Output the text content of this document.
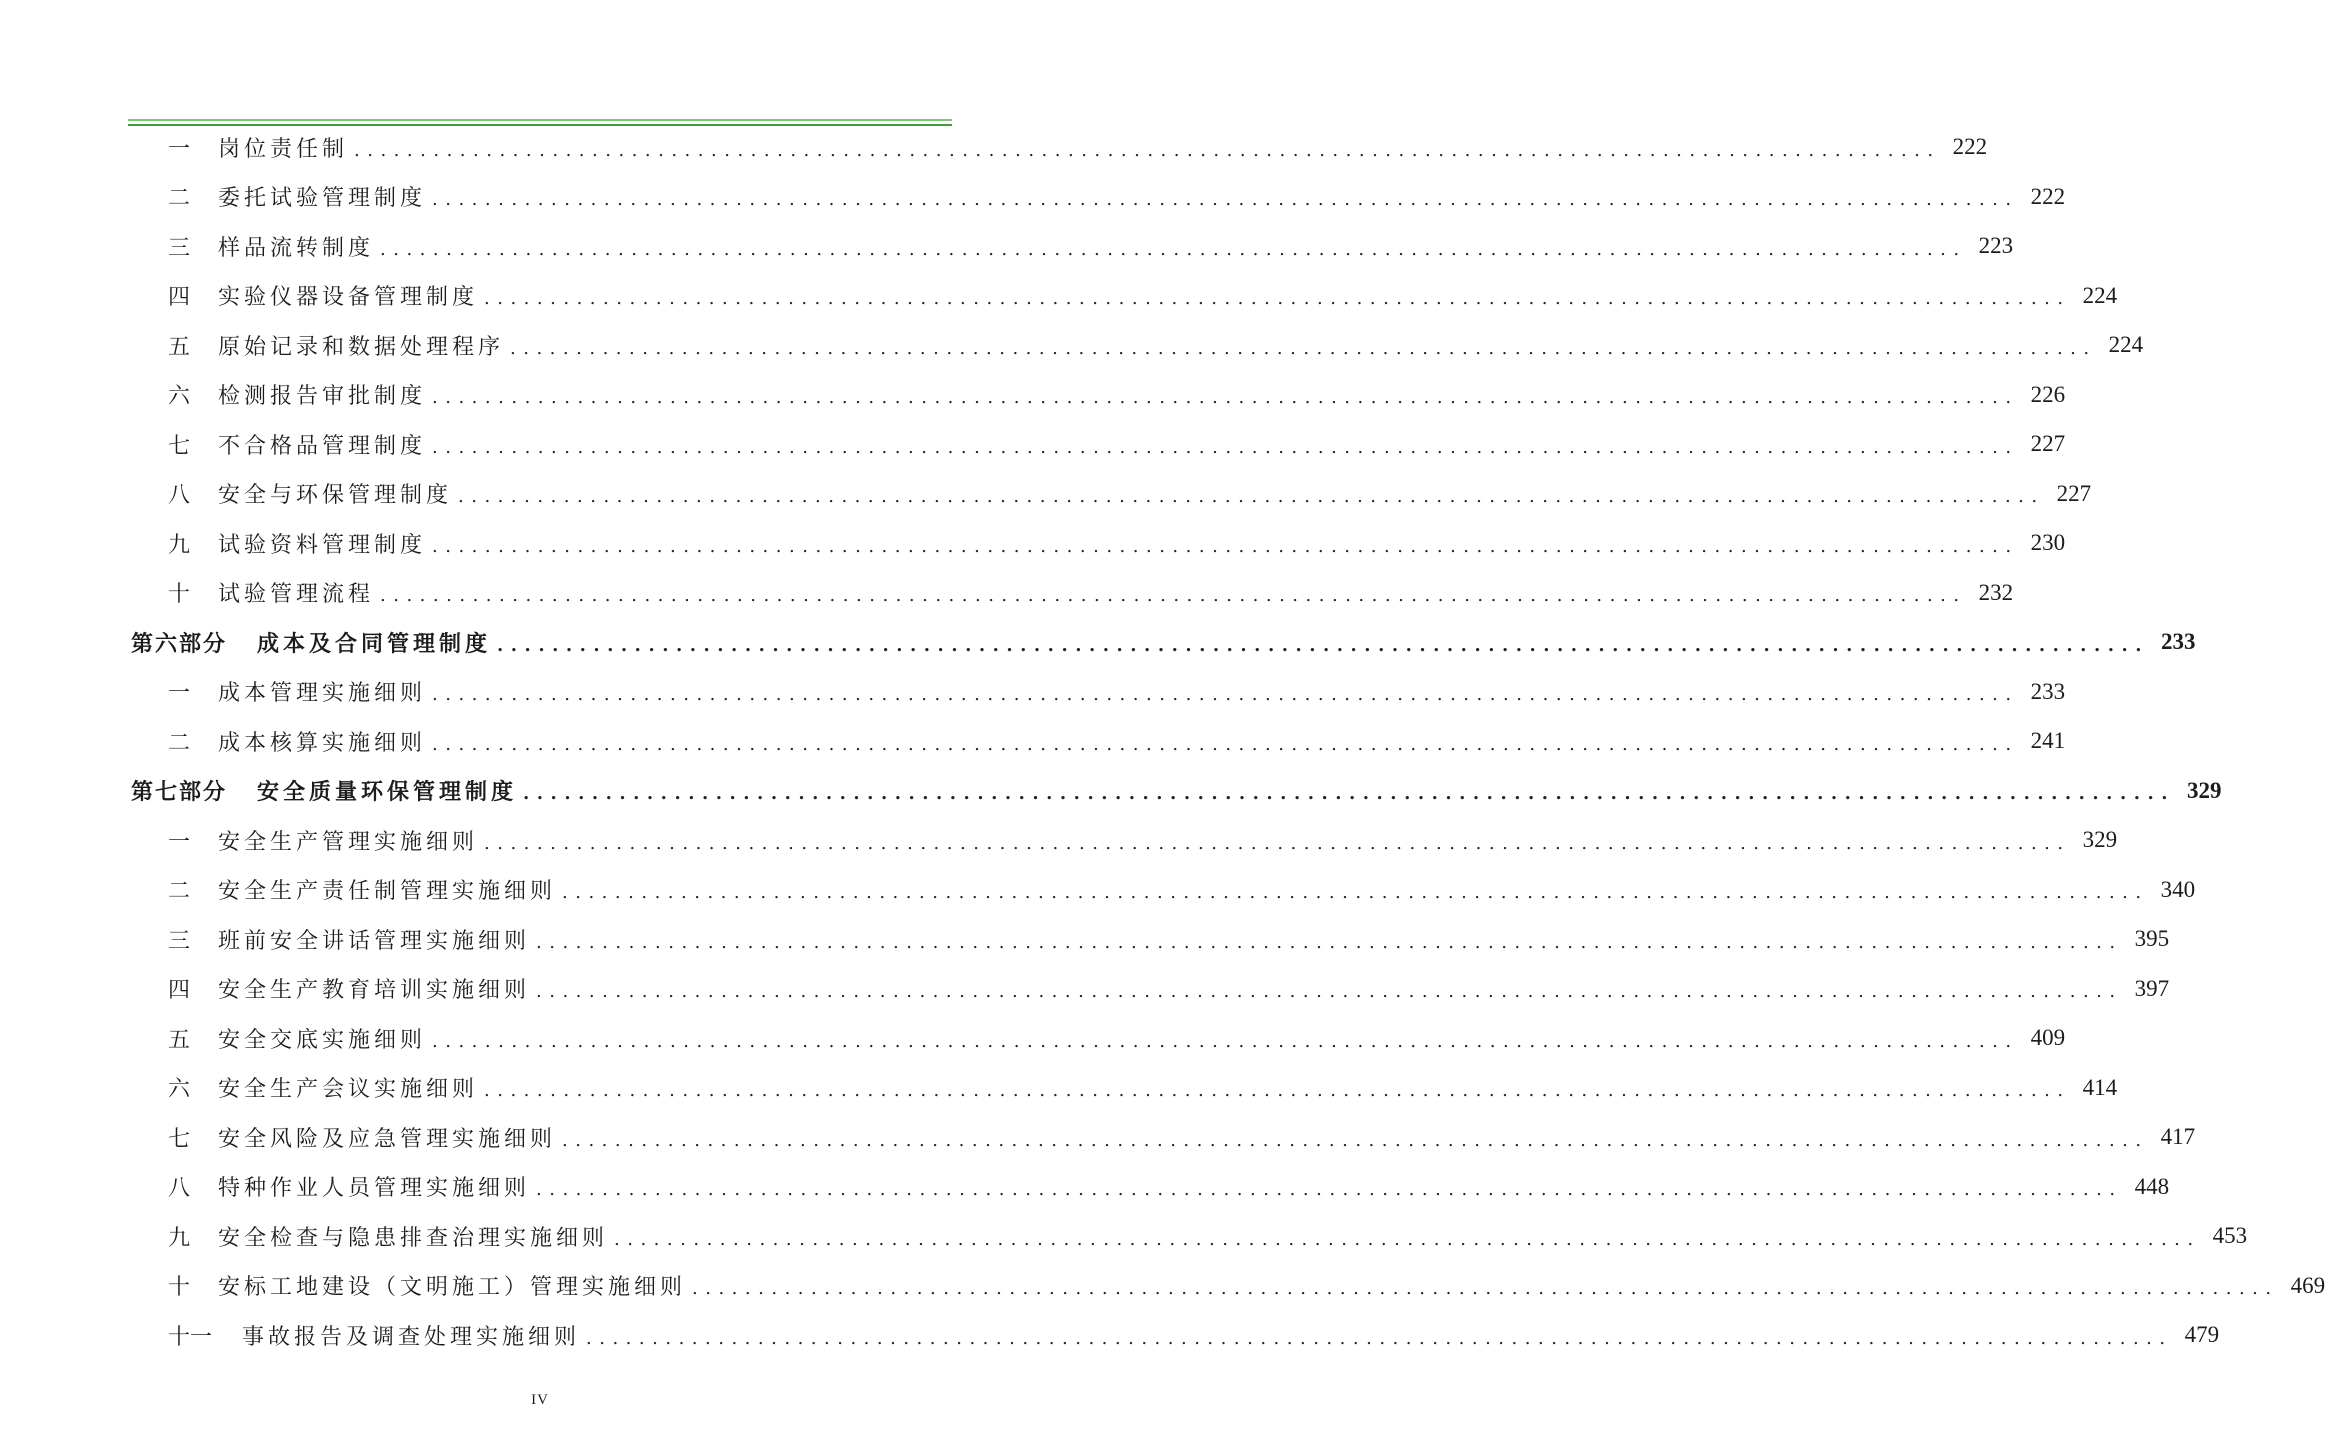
一	岗位责任制 ........................................................................................................................ 222
二	委托试验管理制度 ........................................................................................................................ 222
三	样品流转制度 ........................................................................................................................ 223
四	实验仪器设备管理制度 ........................................................................................................................ 224
五	原始记录和数据处理程序 ........................................................................................................................ 224
六	检测报告审批制度 ........................................................................................................................ 226
七	不合格品管理制度 ........................................................................................................................ 227
八	安全与环保管理制度 ........................................................................................................................ 227
九	试验资料管理制度 ........................................................................................................................ 230
十	试验管理流程 ........................................................................................................................ 232
第六部分	成本及合同管理制度 ........................................................................................................................ 233
一	成本管理实施细则 ........................................................................................................................ 233
二	成本核算实施细则 ........................................................................................................................ 241
第七部分	安全质量环保管理制度 ........................................................................................................................ 329
一	安全生产管理实施细则 ........................................................................................................................ 329
二	安全生产责任制管理实施细则 ........................................................................................................................ 340
三	班前安全讲话管理实施细则 ........................................................................................................................ 395
四	安全生产教育培训实施细则 ........................................................................................................................ 397
五	安全交底实施细则 ........................................................................................................................ 409
六	安全生产会议实施细则 ........................................................................................................................ 414
七	安全风险及应急管理实施细则 ........................................................................................................................ 417
八	特种作业人员管理实施细则 ........................................................................................................................ 448
九	安全检查与隐患排查治理实施细则 ........................................................................................................................ 453
十	安标工地建设（文明施工）管理实施细则 ........................................................................................................................ 469
十一	事故报告及调查处理实施细则 ........................................................................................................................ 479
IV
